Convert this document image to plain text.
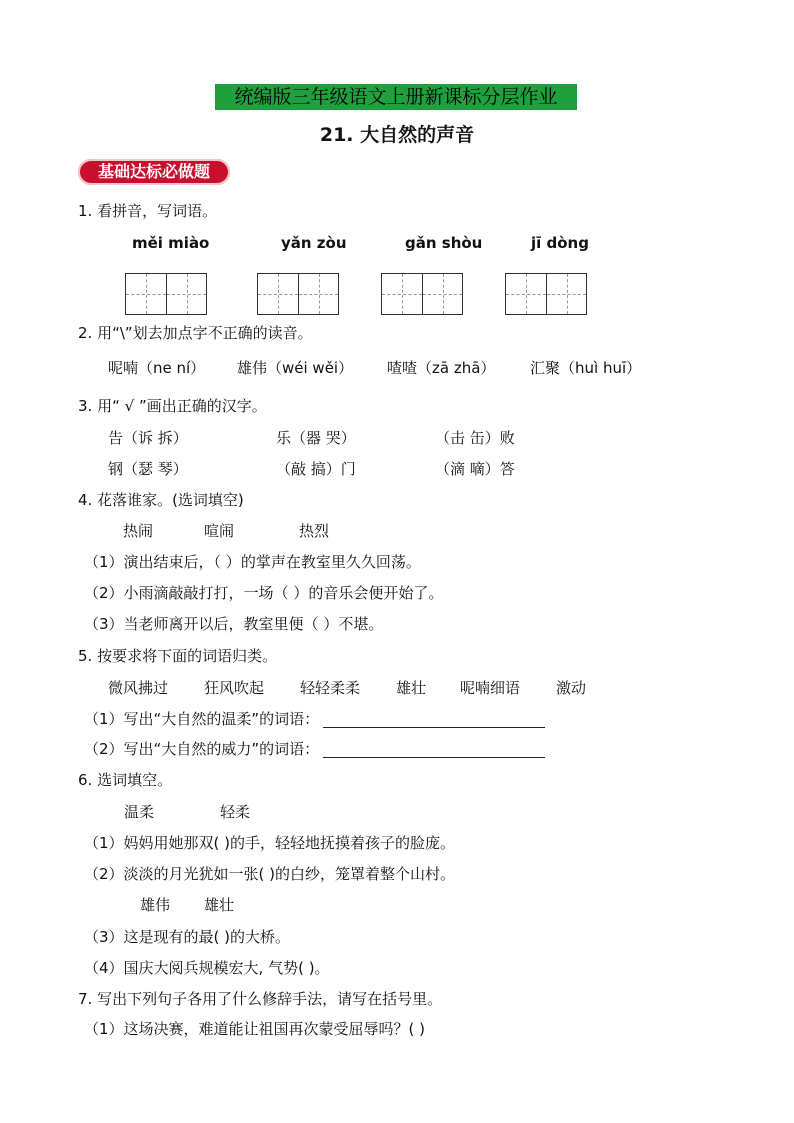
统编版三年级语文上册新课标分层作业
21. 大自然的声音
基础达标必做题
1. 看拼音，写词语。
měi miào	yǎn zòu	gǎn shòu	jī dòng
2. 用“\”划去加点字不正确的读音。
呢喃（ne ní） 雄伟（wéi wěi） 喳喳（zā zhā） 汇聚（huì huī）
3. 用“ √ ”画出正确的汉字。
告（诉 拆）	乐（器 哭）	（击 缶）败
钢（瑟 琴）	（敲 搞）门	（滴 嘀）答
4. 花落谁家。(选词填空)
热闹	喧闹	热烈
（1）演出结束后，（ ）的掌声在教室里久久回荡。
（2）小雨滴敲敲打打，一场（ ）的音乐会便开始了。
（3）当老师离开以后，教室里便（ ）不堪。
5. 按要求将下面的词语归类。
微风拂过 狂风吹起 轻轻柔柔 雄壮 呢喃细语 激动
（1）写出“大自然的温柔”的词语：
（2）写出“大自然的威力”的词语：
6. 选词填空。
温柔	轻柔
（1）妈妈用她那双( )的手，轻轻地抚摸着孩子的脸庞。
（2）淡淡的月光犹如一张( )的白纱，笼罩着整个山村。
雄伟 雄壮
（3）这是现有的最( )的大桥。
（4）国庆大阅兵规模宏大, 气势( )。
7. 写出下列句子各用了什么修辞手法，请写在括号里。
（1）这场决赛，难道能让祖国再次蒙受屈辱吗？( )
